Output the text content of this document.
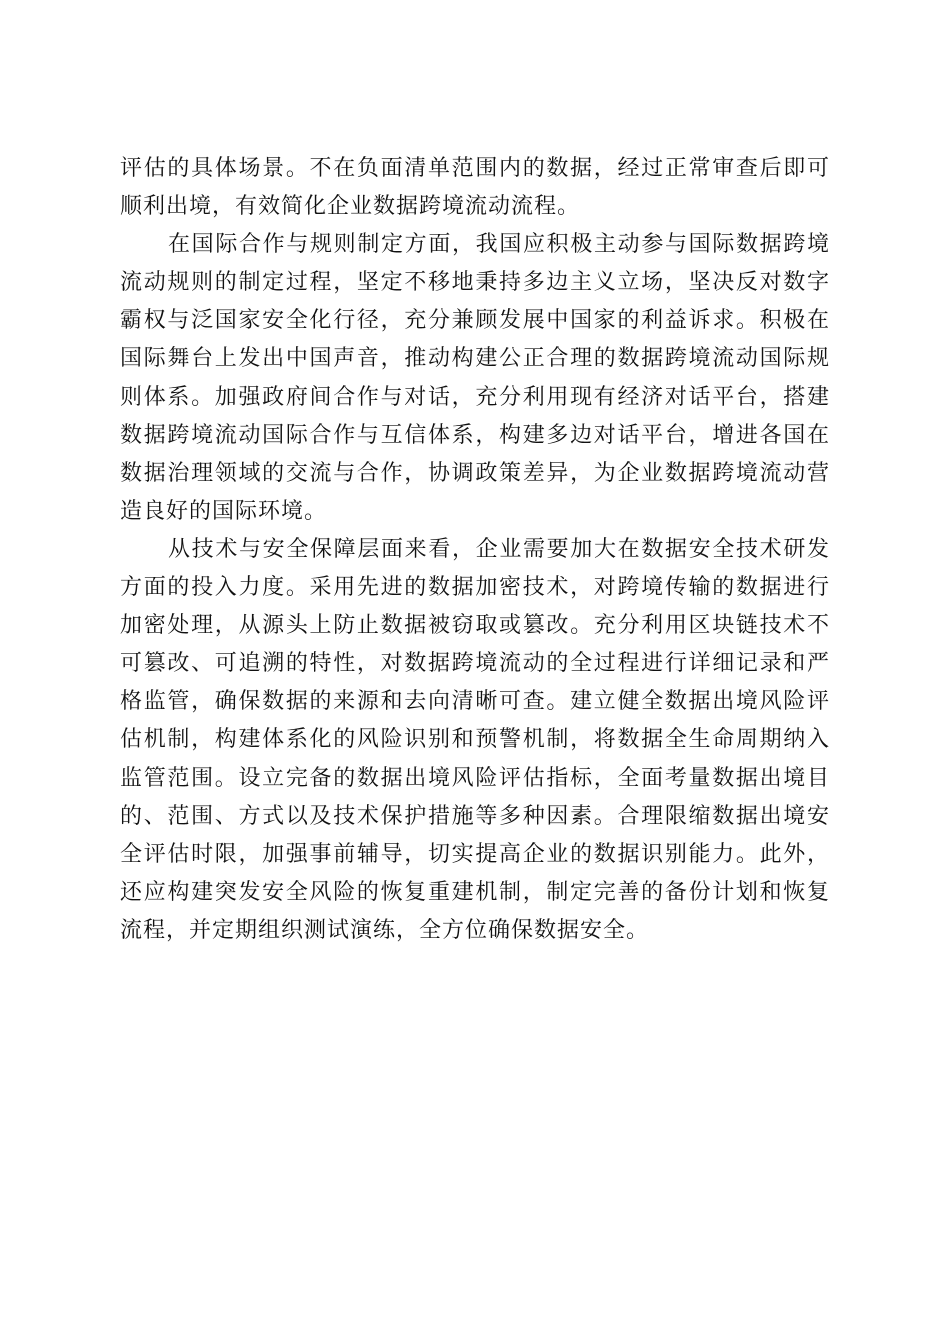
评估的具体场景。不在负面清单范围内的数据，经过正常审查后即可顺利出境，有效简化企业数据跨境流动流程。

在国际合作与规则制定方面，我国应积极主动参与国际数据跨境流动规则的制定过程，坚定不移地秉持多边主义立场，坚决反对数字霸权与泛国家安全化行径，充分兼顾发展中国家的利益诉求。积极在国际舞台上发出中国声音，推动构建公正合理的数据跨境流动国际规则体系。加强政府间合作与对话，充分利用现有经济对话平台，搭建数据跨境流动国际合作与互信体系，构建多边对话平台，增进各国在数据治理领域的交流与合作，协调政策差异，为企业数据跨境流动营造良好的国际环境。

从技术与安全保障层面来看，企业需要加大在数据安全技术研发方面的投入力度。采用先进的数据加密技术，对跨境传输的数据进行加密处理，从源头上防止数据被窃取或篡改。充分利用区块链技术不可篡改、可追溯的特性，对数据跨境流动的全过程进行详细记录和严格监管，确保数据的来源和去向清晰可查。建立健全数据出境风险评估机制，构建体系化的风险识别和预警机制，将数据全生命周期纳入监管范围。设立完备的数据出境风险评估指标，全面考量数据出境目的、范围、方式以及技术保护措施等多种因素。合理限缩数据出境安全评估时限，加强事前辅导，切实提高企业的数据识别能力。此外，还应构建突发安全风险的恢复重建机制，制定完善的备份计划和恢复流程，并定期组织测试演练，全方位确保数据安全。
